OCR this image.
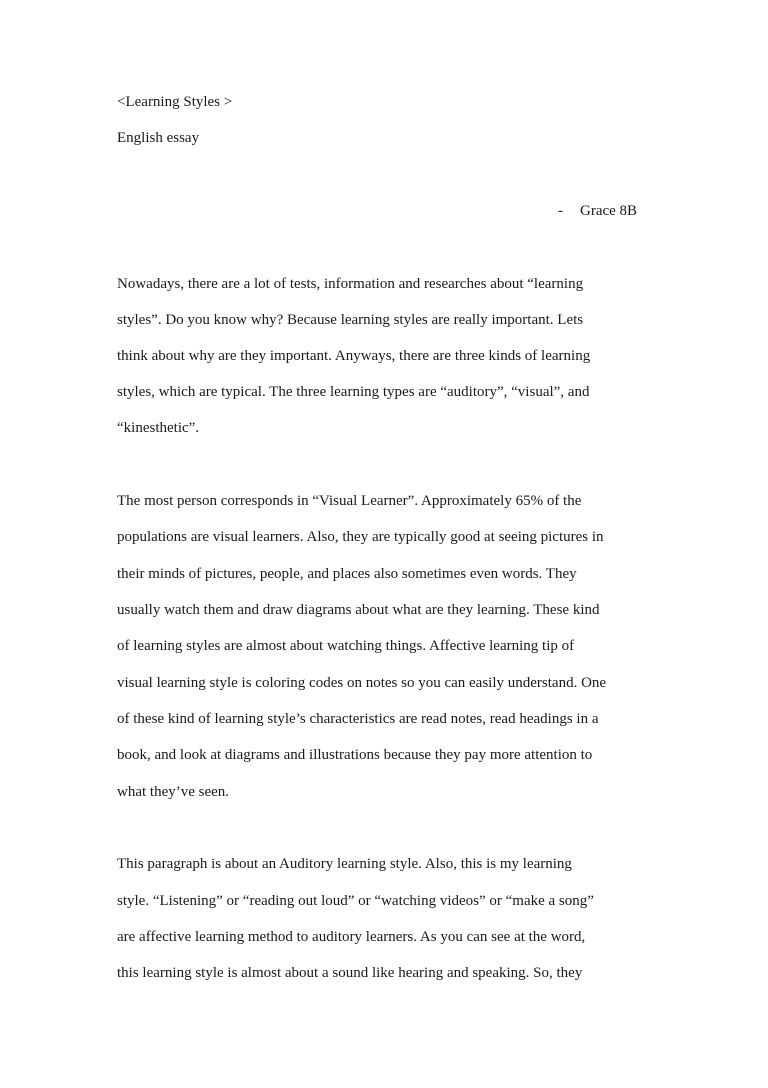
<Learning Styles >
English essay
- Grace 8B
Nowadays, there are a lot of tests, information and researches about “learning
styles”. Do you know why? Because learning styles are really important. Lets
think about why are they important. Anyways, there are three kinds of learning
styles, which are typical. The three learning types are “auditory”, “visual”, and
“kinesthetic”.
The most person corresponds in “Visual Learner”. Approximately 65% of the
populations are visual learners. Also, they are typically good at seeing pictures in
their minds of pictures, people, and places also sometimes even words. They
usually watch them and draw diagrams about what are they learning. These kind
of learning styles are almost about watching things. Affective learning tip of
visual learning style is coloring codes on notes so you can easily understand. One
of these kind of learning style’s characteristics are read notes, read headings in a
book, and look at diagrams and illustrations because they pay more attention to
what they’ve seen.
This paragraph is about an Auditory learning style. Also, this is my learning
style. “Listening” or “reading out loud” or “watching videos” or “make a song”
are affective learning method to auditory learners. As you can see at the word,
this learning style is almost about a sound like hearing and speaking. So, they
